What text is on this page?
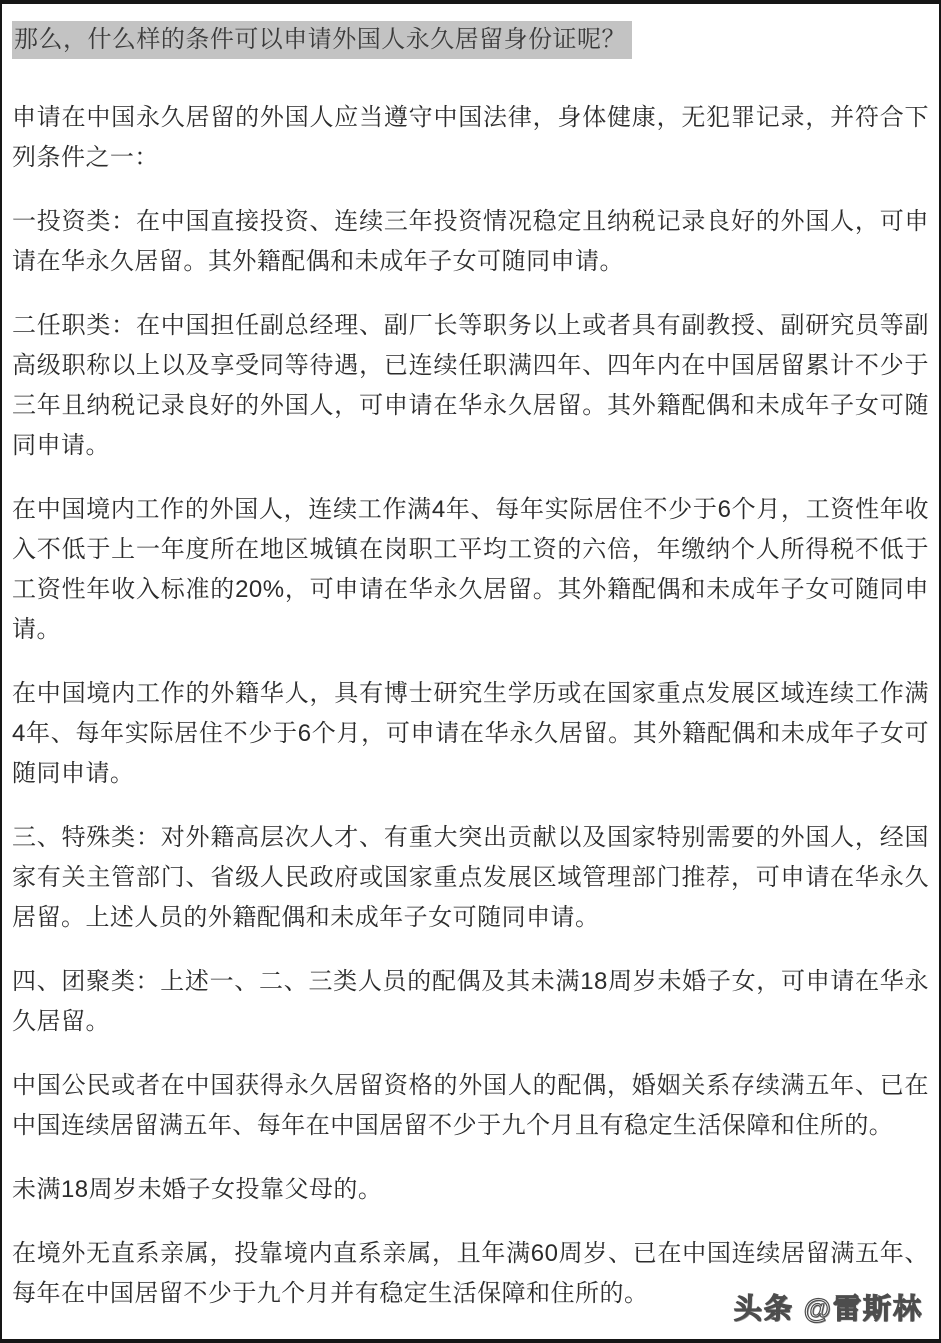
那么，什么样的条件可以申请外国人永久居留身份证呢？

申请在中国永久居留的外国人应当遵守中国法律，身体健康，无犯罪记录，并符合下列条件之一：

一投资类：在中国直接投资、连续三年投资情况稳定且纳税记录良好的外国人，可申请在华永久居留。其外籍配偶和未成年子女可随同申请。

二任职类：在中国担任副总经理、副厂长等职务以上或者具有副教授、副研究员等副高级职称以上以及享受同等待遇，已连续任职满四年、四年内在中国居留累计不少于三年且纳税记录良好的外国人，可申请在华永久居留。其外籍配偶和未成年子女可随同申请。

在中国境内工作的外国人，连续工作满4年、每年实际居住不少于6个月，工资性年收入不低于上一年度所在地区城镇在岗职工平均工资的六倍，年缴纳个人所得税不低于工资性年收入标准的20%，可申请在华永久居留。其外籍配偶和未成年子女可随同申请。

在中国境内工作的外籍华人，具有博士研究生学历或在国家重点发展区域连续工作满4年、每年实际居住不少于6个月，可申请在华永久居留。其外籍配偶和未成年子女可随同申请。

三、特殊类：对外籍高层次人才、有重大突出贡献以及国家特别需要的外国人，经国家有关主管部门、省级人民政府或国家重点发展区域管理部门推荐，可申请在华永久居留。上述人员的外籍配偶和未成年子女可随同申请。

四、团聚类：上述一、二、三类人员的配偶及其未满18周岁未婚子女，可申请在华永久居留。

中国公民或者在中国获得永久居留资格的外国人的配偶，婚姻关系存续满五年、已在中国连续居留满五年、每年在中国居留不少于九个月且有稳定生活保障和住所的。

未满18周岁未婚子女投靠父母的。

在境外无直系亲属，投靠境内直系亲属，且年满60周岁、已在中国连续居留满五年、每年在中国居留不少于九个月并有稳定生活保障和住所的。	头条 @雷斯林
